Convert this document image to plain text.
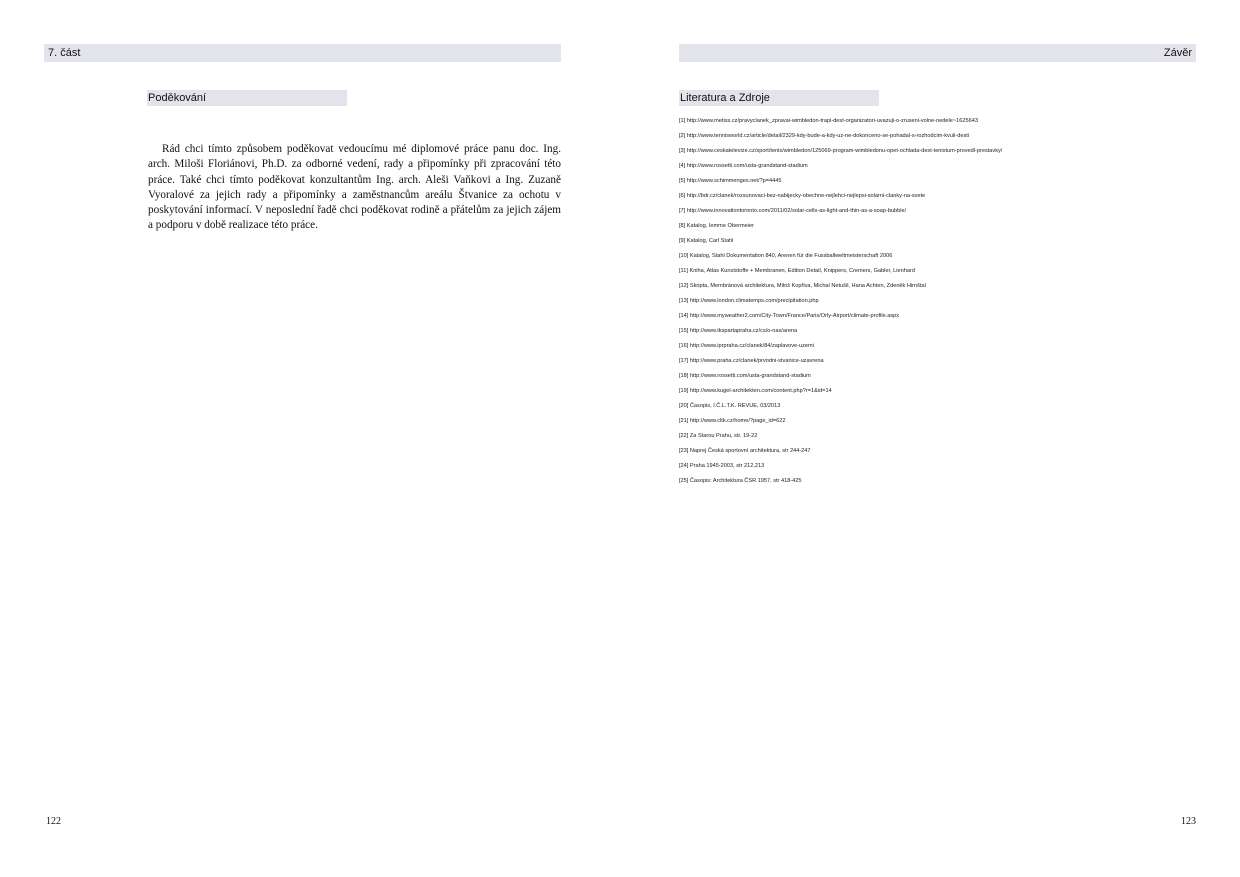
7. část
Poděkování

Rád chci tímto způsobem poděkovat vedoucímu mé diplomové práce panu doc. Ing. arch. Miloši Floriánovi, Ph.D. za odborné vedení, rady a připomínky při zpracování této práce. Také chci tímto poděkovat konzultantům Ing. arch. Aleši Vaňkovi a Ing. Zuzaně Vyoralové za jejich rady a připomínky a zaměstnancům areálu Štvanice za ochotu v poskytování informací. V neposlední řadě chci poděkovat rodině a přátelům za jejich zájem a podporu v době realizace této práce.

122
Závěr
Literatura a Zdroje
[1] http://www.metiss.cz/pravyclanek_zpravai-wimbledon-trapi-dest-organizatori-uvazuji-o-zruseni-volne-nedele~1625643
[2] http://www.tennisworld.cz/article/detail/2329-kdy-bude-a-kdy-uz-ne-dokonceno-se-pohadal-s-rozhodcim-kvuli-desti
[3] http://www.ceskatelevize.cz/sport/tenis/wimbledon/125069-program-wimbledonu-opet-ochlada-dest-tenistum-provedl-prestavky/
[4] http://www.rossetti.com/usta-grandstand-stadium
[5] http://www.schimmenges.net/?p=4445
[6] http://bdr.cz/clanek/rozsunovaci-bez-nabijecky-obechne-nejlehci-nejlepsi-solarni-clanky-na-svete
[7] http://www.innovationtoronto.com/2011/02/solar-cells-as-light-and-thin-as-a-soap-bubble/
[8] Katalog, Iemme Obermeier
[9] Katalog, Carl Stahl
[10] Katalog, Stahl Dokumentation 840, Arenen für die Fussballweltmeisterschaft 2006
[11] Kniha, Atlas Kunststoffe + Membranen, Edition Detail, Knippers, Cremers, Gabler, Lienhard
[12] Skripta, Membránová architektura, Miloš Kopřiva, Michal Netušil, Hana Achten, Zdeněk Hirnštal
[13] http://www.london.climatemps.com/precipitation.php
[14] http://www.myweather2.com/City-Town/France/Paris/Orly-Airport/climate-profile.aspx
[15] http://www.tkspartapraha.cz/cs/o-nas/arena
[16] http://www.iprpraha.cz/clanek/84/zaplavove-uzemi
[17] http://www.praha.cz/clanek/prvodni-stvanice-uzavrena
[18] http://www.rossetti.com/usta-grandstand-stadium
[19] http://www.kugel-architekten.com/content.php?r=1&id=14
[20] Časopis, I.Č.L.T.K. REVUE, 03/2013
[21] http://www.cltk.cz/home/?page_id=622
[22] Za Starou Prahu, str. 19-22
[23] Naprej Česká sportovní architektura, str 244-247
[24] Praha 1945-2003, str 212,213
[25] Časopis: Architektura ČSR 1957, str 418-425
123
